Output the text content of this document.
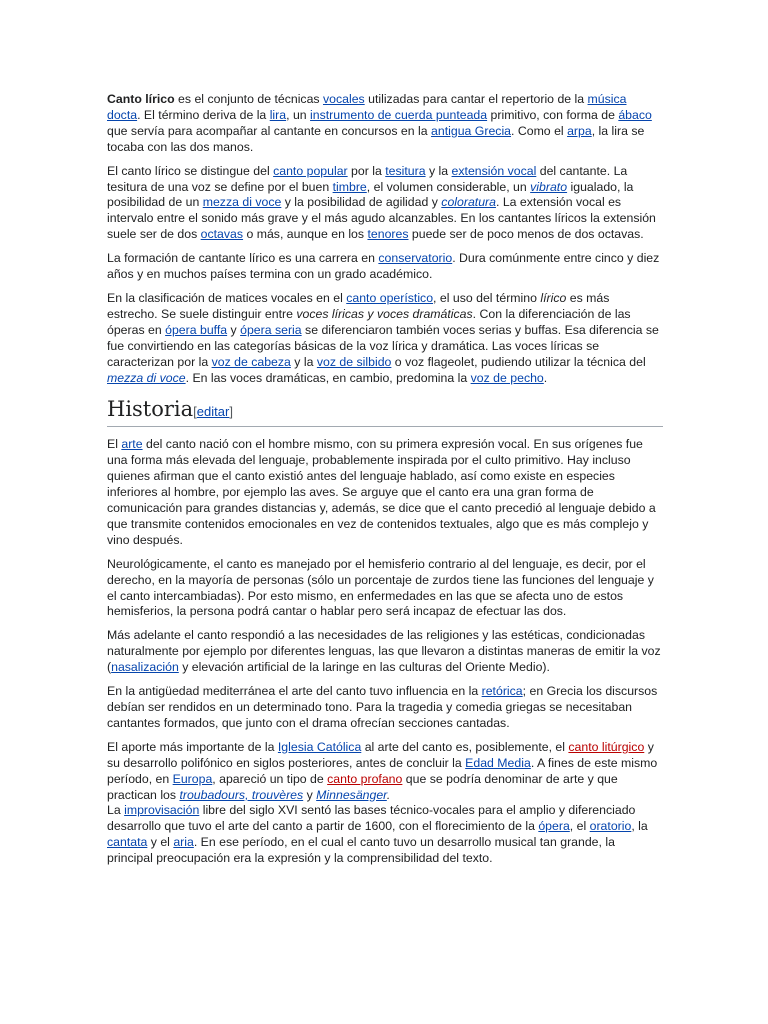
Canto lírico es el conjunto de técnicas vocales utilizadas para cantar el repertorio de la música docta. El término deriva de la lira, un instrumento de cuerda punteada primitivo, con forma de ábaco que servía para acompañar al cantante en concursos en la antigua Grecia. Como el arpa, la lira se tocaba con las dos manos.

El canto lírico se distingue del canto popular por la tesitura y la extensión vocal del cantante. La tesitura de una voz se define por el buen timbre, el volumen considerable, un vibrato igualado, la posibilidad de un mezza di voce y la posibilidad de agilidad y coloratura. La extensión vocal es intervalo entre el sonido más grave y el más agudo alcanzables. En los cantantes líricos la extensión suele ser de dos octavas o más, aunque en los tenores puede ser de poco menos de dos octavas.

La formación de cantante lírico es una carrera en conservatorio. Dura comúnmente entre cinco y diez años y en muchos países termina con un grado académico.

En la clasificación de matices vocales en el canto operístico, el uso del término lírico es más estrecho. Se suele distinguir entre voces líricas y voces dramáticas. Con la diferenciación de las óperas en ópera buffa y ópera seria se diferenciaron también voces serias y buffas. Esa diferencia se fue convirtiendo en las categorías básicas de la voz lírica y dramática. Las voces líricas se caracterizan por la voz de cabeza y la voz de silbido o voz flageolet, pudiendo utilizar la técnica del mezza di voce. En las voces dramáticas, en cambio, predomina la voz de pecho.

Historia[editar]

El arte del canto nació con el hombre mismo, con su primera expresión vocal. En sus orígenes fue una forma más elevada del lenguaje, probablemente inspirada por el culto primitivo. Hay incluso quienes afirman que el canto existió antes del lenguaje hablado, así como existe en especies inferiores al hombre, por ejemplo las aves. Se arguye que el canto era una gran forma de comunicación para grandes distancias y, además, se dice que el canto precedió al lenguaje debido a que transmite contenidos emocionales en vez de contenidos textuales, algo que es más complejo y vino después.

Neurológicamente, el canto es manejado por el hemisferio contrario al del lenguaje, es decir, por el derecho, en la mayoría de personas (sólo un porcentaje de zurdos tiene las funciones del lenguaje y el canto intercambiadas). Por esto mismo, en enfermedades en las que se afecta uno de estos hemisferios, la persona podrá cantar o hablar pero será incapaz de efectuar las dos.

Más adelante el canto respondió a las necesidades de las religiones y las estéticas, condicionadas naturalmente por ejemplo por diferentes lenguas, las que llevaron a distintas maneras de emitir la voz (nasalización y elevación artificial de la laringe en las culturas del Oriente Medio).

En la antigüedad mediterránea el arte del canto tuvo influencia en la retórica; en Grecia los discursos debían ser rendidos en un determinado tono. Para la tragedia y comedia griegas se necesitaban cantantes formados, que junto con el drama ofrecían secciones cantadas.

El aporte más importante de la Iglesia Católica al arte del canto es, posiblemente, el canto litúrgico y su desarrollo polifónico en siglos posteriores, antes de concluir la Edad Media. A fines de este mismo período, en Europa, apareció un tipo de canto profano que se podría denominar de arte y que practican los troubadours, trouvères y Minnesänger.
La improvisación libre del siglo XVI sentó las bases técnico-vocales para el amplio y diferenciado desarrollo que tuvo el arte del canto a partir de 1600, con el florecimiento de la ópera, el oratorio, la cantata y el aria. En ese período, en el cual el canto tuvo un desarrollo musical tan grande, la principal preocupación era la expresión y la comprensibilidad del texto.
